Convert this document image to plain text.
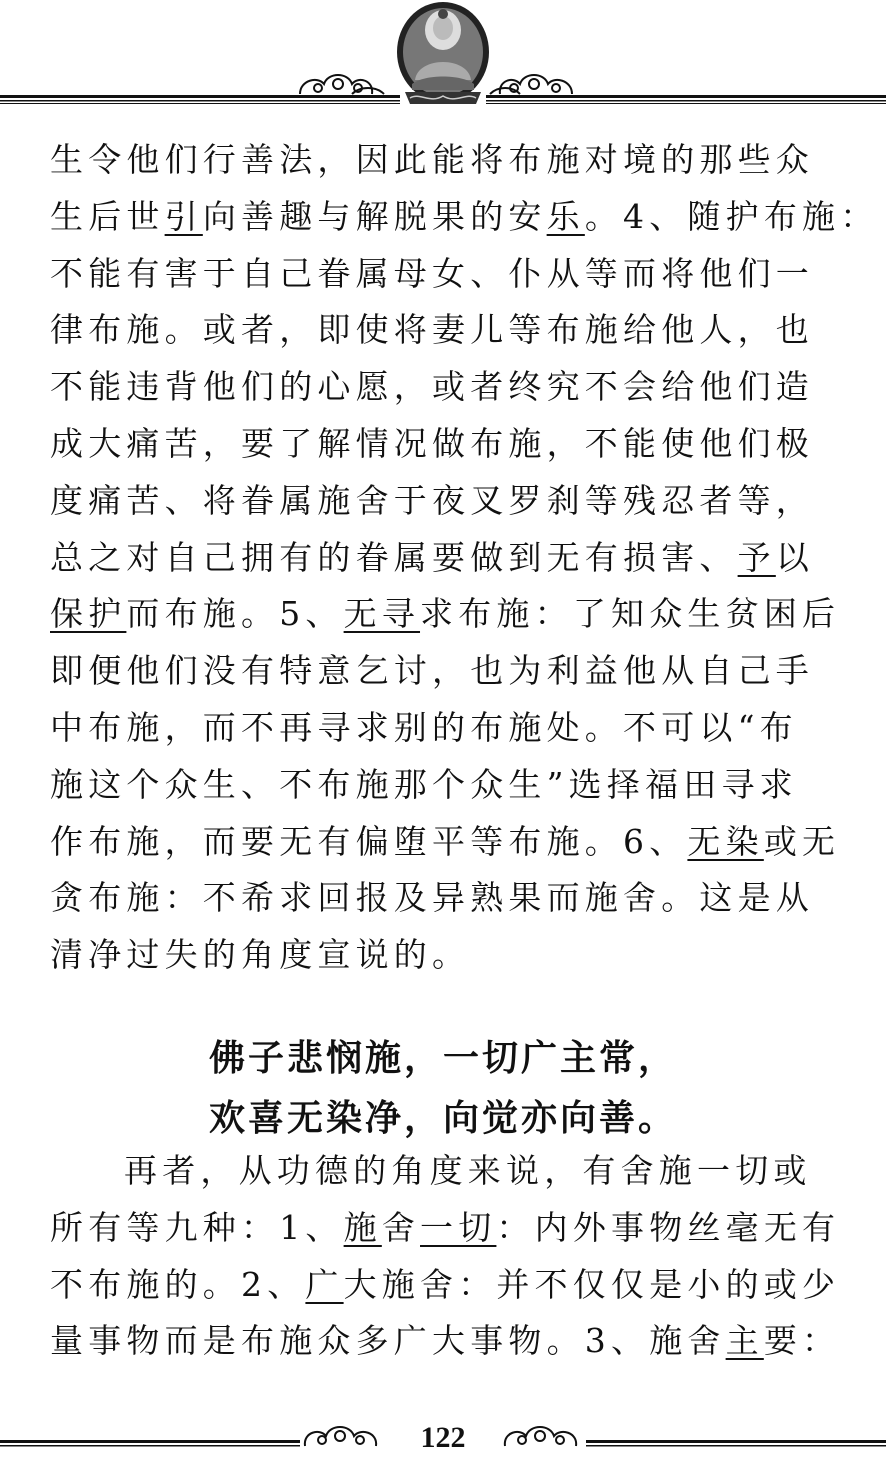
生令他们行善法，因此能将布施对境的那些众
生后世引向善趣与解脱果的安乐。4、随护布施：
不能有害于自己眷属母女、仆从等而将他们一
律布施。或者，即使将妻儿等布施给他人，也
不能违背他们的心愿，或者终究不会给他们造
成大痛苦，要了解情况做布施，不能使他们极
度痛苦、将眷属施舍于夜叉罗刹等残忍者等，
总之对自己拥有的眷属要做到无有损害、予以
保护而布施。5、无寻求布施：了知众生贫困后
即便他们没有特意乞讨，也为利益他从自己手
中布施，而不再寻求别的布施处。不可以“布
施这个众生、不布施那个众生”选择福田寻求
作布施，而要无有偏堕平等布施。6、无染或无
贪布施：不希求回报及异熟果而施舍。这是从
清净过失的角度宣说的。
佛子悲悯施，一切广主常，
欢喜无染净，向觉亦向善。
再者，从功德的角度来说，有舍施一切或
所有等九种：1、施舍一切：内外事物丝毫无有
不布施的。2、广大施舍：并不仅仅是小的或少
量事物而是布施众多广大事物。3、施舍主要：
122
